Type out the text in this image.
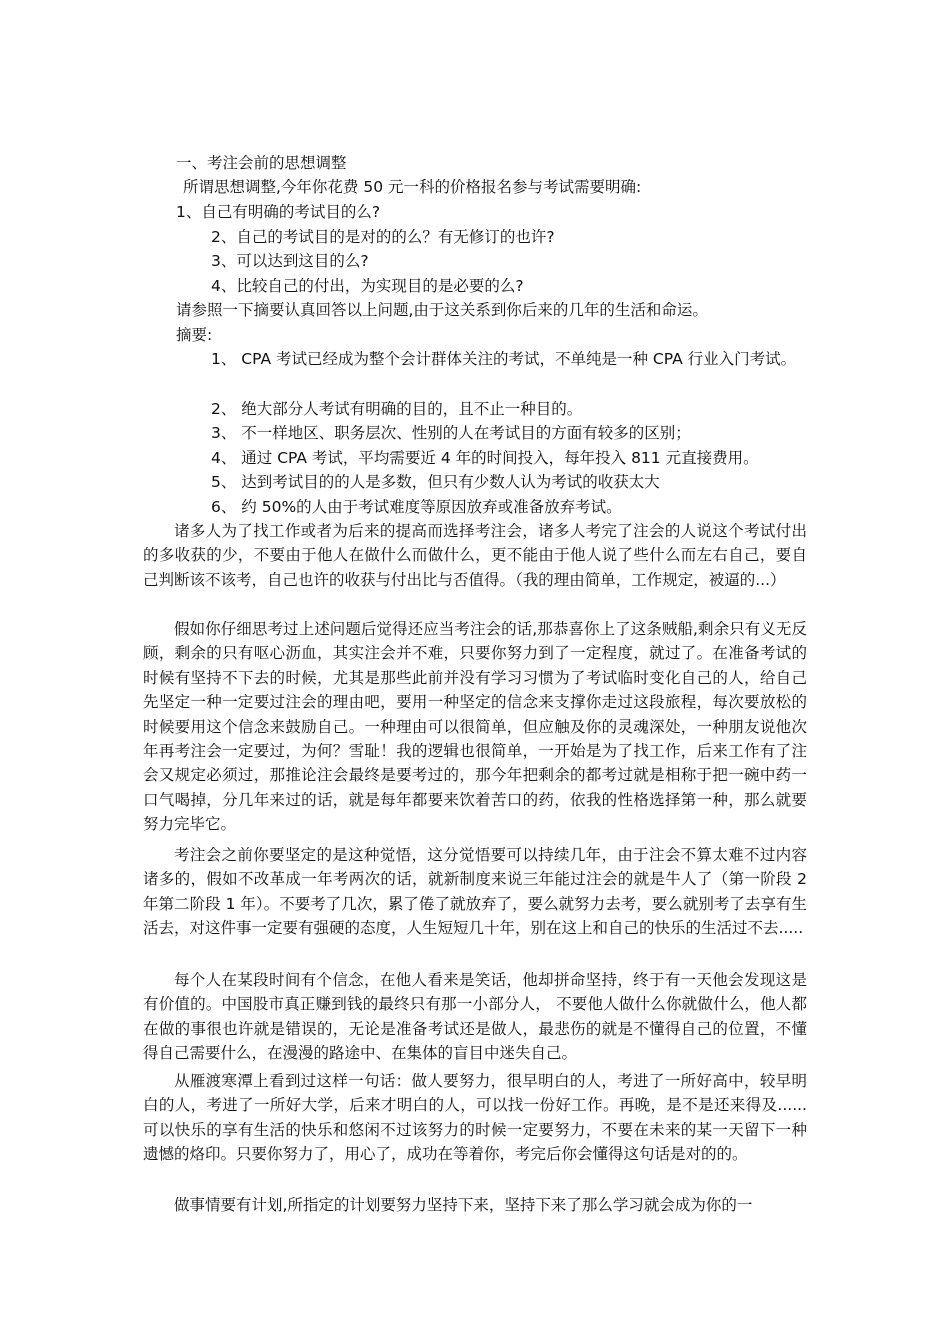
一、考注会前的思想调整
所谓思想调整,今年你花费 50 元一科的价格报名参与考试需要明确:
1、自己有明确的考试目的么?
2、自己的考试目的是对的的么？有无修订的也许?
3、可以达到这目的么?
4、比较自己的付出，为实现目的是必要的么?
请参照一下摘要认真回答以上问题,由于这关系到你后来的几年的生活和命运。
摘要:
1、 CPA 考试已经成为整个会计群体关注的考试，不单纯是一种 CPA 行业入门考试。
2、 绝大部分人考试有明确的目的，且不止一种目的。
3、 不一样地区、职务层次、性别的人在考试目的方面有较多的区别；
4、 通过 CPA 考试，平均需要近 4 年的时间投入，每年投入 811 元直接费用。
5、 达到考试目的的人是多数，但只有少数人认为考试的收获太大
6、 约 50%的人由于考试难度等原因放弃或准备放弃考试。
诸多人为了找工作或者为后来的提高而选择考注会，诸多人考完了注会的人说这个考试付出的多收获的少，不要由于他人在做什么而做什么，更不能由于他人说了些什么而左右自己，要自己判断该不该考，自己也许的收获与付出比与否值得。（我的理由简单，工作规定，被逼的...）
假如你仔细思考过上述问题后觉得还应当考注会的话,那恭喜你上了这条贼船,剩余只有义无反顾，剩余的只有呕心沥血，其实注会并不难，只要你努力到了一定程度，就过了。在准备考试的时候有坚持不下去的时候，尤其是那些此前并没有学习习惯为了考试临时变化自己的人，给自己先坚定一种一定要过注会的理由吧，要用一种坚定的信念来支撑你走过这段旅程，每次要放松的时候要用这个信念来鼓励自己。一种理由可以很简单，但应触及你的灵魂深处，一种朋友说他次年再考注会一定要过，为何？雪耻！我的逻辑也很简单，一开始是为了找工作，后来工作有了注会又规定必须过，那推论注会最终是要考过的，那今年把剩余的都考过就是相称于把一碗中药一口气喝掉，分几年来过的话，就是每年都要来饮着苦口的药，依我的性格选择第一种，那么就要努力完毕它。
考注会之前你要坚定的是这种觉悟，这分觉悟要可以持续几年，由于注会不算太难不过内容诸多的，假如不改革成一年考两次的话，就新制度来说三年能过注会的就是牛人了（第一阶段 2 年第二阶段 1 年）。不要考了几次，累了倦了就放弃了，要么就努力去考，要么就别考了去享有生活去，对这件事一定要有强硬的态度，人生短短几十年，别在这上和自己的快乐的生活过不去.....
每个人在某段时间有个信念，在他人看来是笑话，他却拼命坚持，终于有一天他会发现这是有价值的。中国股市真正赚到钱的最终只有那一小部分人， 不要他人做什么你就做什么，他人都在做的事很也许就是错误的，无论是准备考试还是做人，最悲伤的就是不懂得自己的位置，不懂得自己需要什么，在漫漫的路途中、在集体的盲目中迷失自己。
从雁渡寒潭上看到过这样一句话：做人要努力，很早明白的人，考进了一所好高中，较早明白的人，考进了一所好大学，后来才明白的人，可以找一份好工作。再晚，是不是还来得及......可以快乐的享有生活的快乐和悠闲不过该努力的时候一定要努力，不要在未来的某一天留下一种遗憾的烙印。只要你努力了，用心了，成功在等着你，考完后你会懂得这句话是对的的。
做事情要有计划,所指定的计划要努力坚持下来，坚持下来了那么学习就会成为你的一
